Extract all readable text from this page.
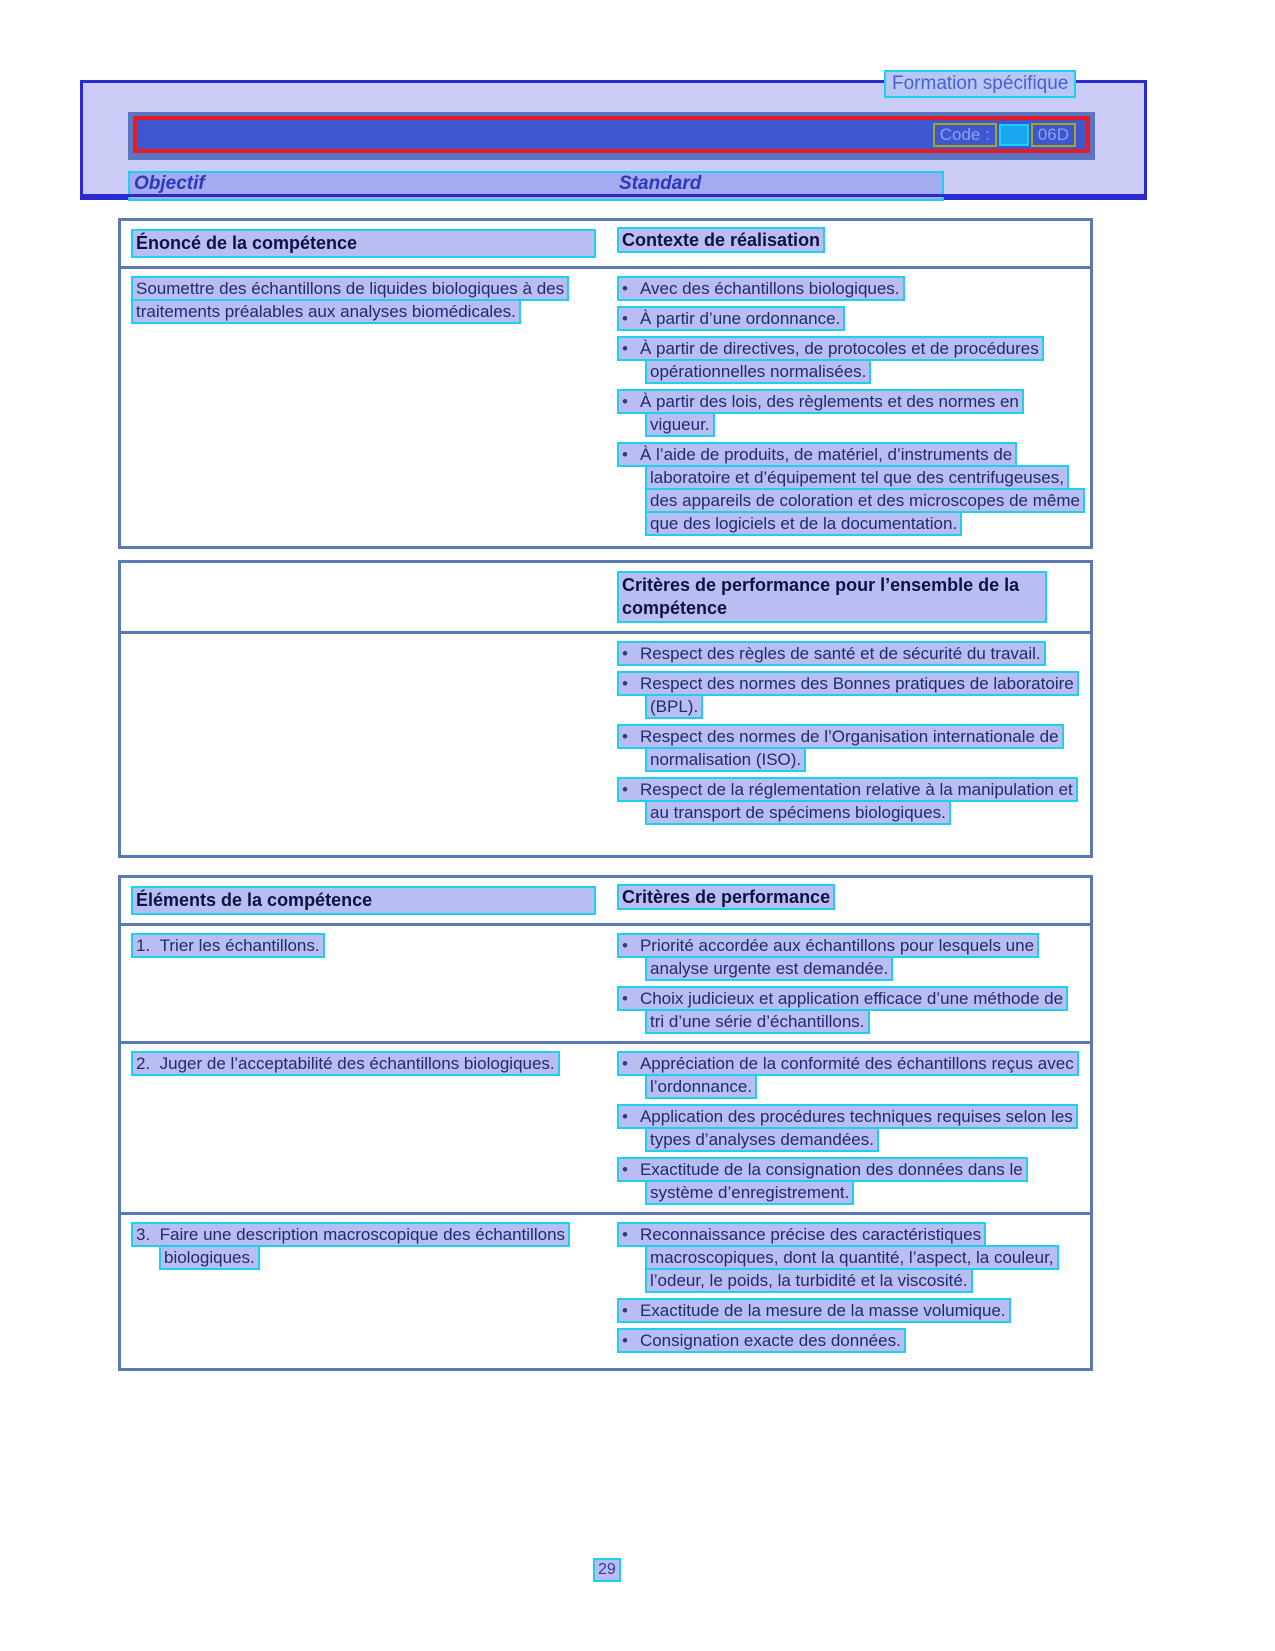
Formation spécifique
Code :	06D
Objectif	Standard
Énoncé de la compétence	Contexte de réalisation

Soumettre des échantillons de liquides biologiques à des traitements préalables aux analyses biomédicales.

• Avec des échantillons biologiques.
• À partir d’une ordonnance.
• À partir de directives, de protocoles et de procédures opérationnelles normalisées.
• À partir des lois, des règlements et des normes en vigueur.
• À l’aide de produits, de matériel, d’instruments de laboratoire et d’équipement tel que des centrifugeuses, des appareils de coloration et des microscopes de même que des logiciels et de la documentation.
Critères de performance pour l’ensemble de la compétence
• Respect des règles de santé et de sécurité du travail.
• Respect des normes des Bonnes pratiques de laboratoire (BPL).
• Respect des normes de l’Organisation internationale de normalisation (ISO).
• Respect de la réglementation relative à la manipulation et au transport de spécimens biologiques.
Éléments de la compétence	Critères de performance
1.  Trier les échantillons.	• Priorité accordée aux échantillons pour lesquels une analyse urgente est demandée.
• Choix judicieux et application efficace d’une méthode de tri d’une série d’échantillons.
2.  Juger de l’acceptabilité des échantillons biologiques.	• Appréciation de la conformité des échantillons reçus avec l’ordonnance.
• Application des procédures techniques requises selon les types d’analyses demandées.
• Exactitude de la consignation des données dans le système d’enregistrement.
3.  Faire une description macroscopique des échantillons biologiques.
• Reconnaissance précise des caractéristiques macroscopiques, dont la quantité, l’aspect, la couleur, l’odeur, le poids, la turbidité et la viscosité.
• Exactitude de la mesure de la masse volumique.
• Consignation exacte des données.
29
